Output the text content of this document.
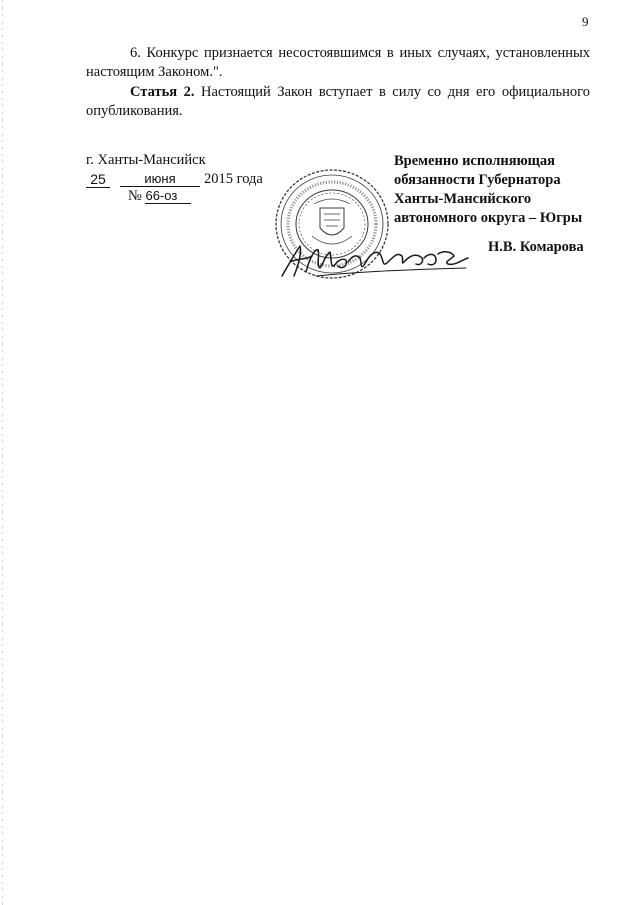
9

6. Конкурс признается несостоявшимся в иных случаях, установленных настоящим Законом.".

Статья 2. Настоящий Закон вступает в силу со дня его официального опубликования.

г. Ханты-Мансийск
25	июня	2015 года
№ 66-оз

Временно исполняющая
обязанности Губернатора
Ханты-Мансийского
автономного округа – Югры

Н.В. Комарова
